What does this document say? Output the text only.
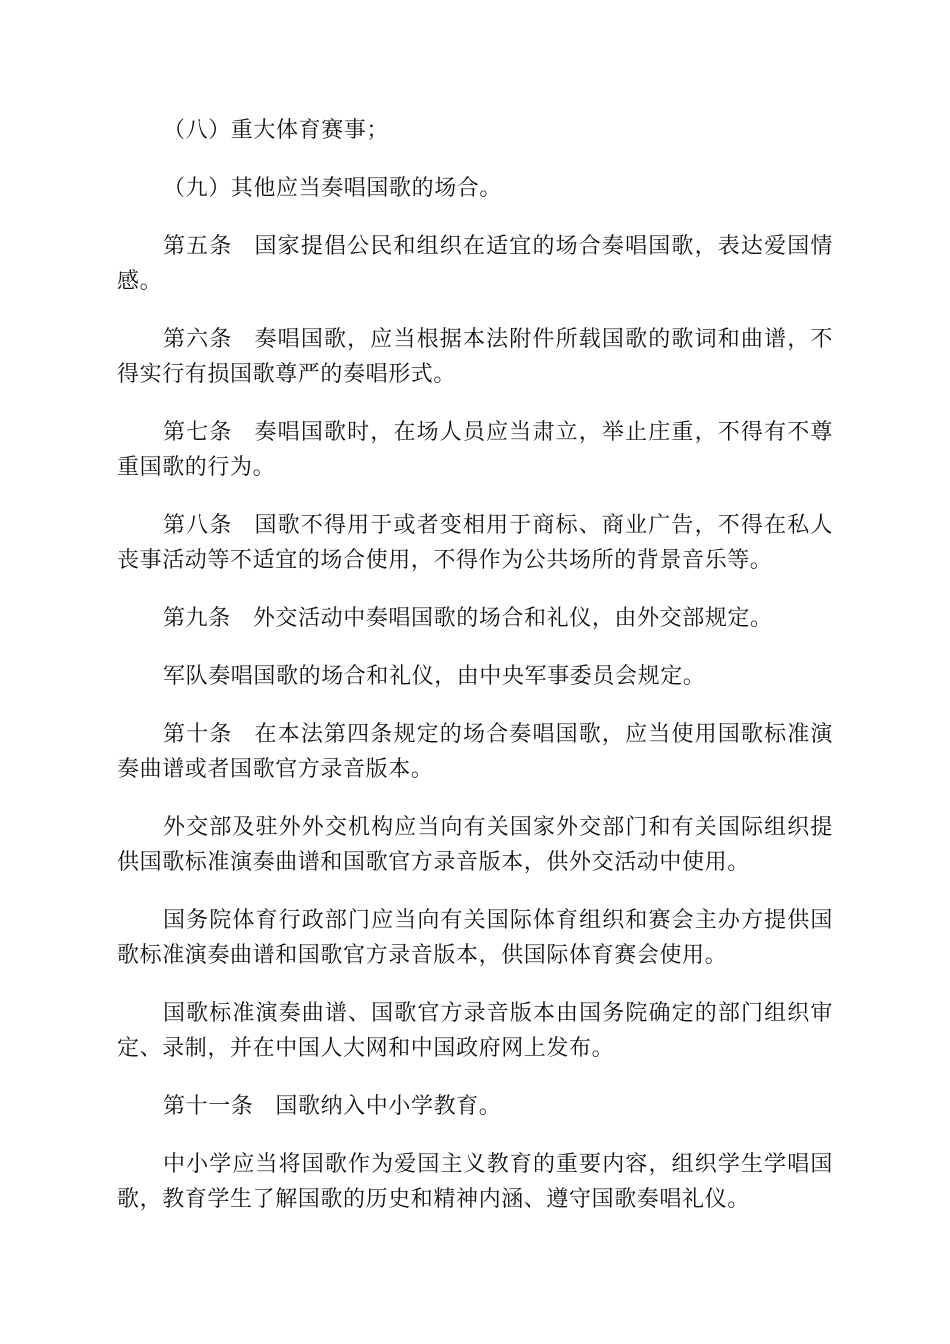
（八）重大体育赛事；

（九）其他应当奏唱国歌的场合。

第五条 国家提倡公民和组织在适宜的场合奏唱国歌，表达爱国情感。

第六条 奏唱国歌，应当根据本法附件所载国歌的歌词和曲谱，不得实行有损国歌尊严的奏唱形式。

第七条 奏唱国歌时，在场人员应当肃立，举止庄重，不得有不尊重国歌的行为。

第八条 国歌不得用于或者变相用于商标、商业广告，不得在私人丧事活动等不适宜的场合使用，不得作为公共场所的背景音乐等。

第九条 外交活动中奏唱国歌的场合和礼仪，由外交部规定。

军队奏唱国歌的场合和礼仪，由中央军事委员会规定。

第十条 在本法第四条规定的场合奏唱国歌，应当使用国歌标准演奏曲谱或者国歌官方录音版本。

外交部及驻外外交机构应当向有关国家外交部门和有关国际组织提供国歌标准演奏曲谱和国歌官方录音版本，供外交活动中使用。

国务院体育行政部门应当向有关国际体育组织和赛会主办方提供国歌标准演奏曲谱和国歌官方录音版本，供国际体育赛会使用。

国歌标准演奏曲谱、国歌官方录音版本由国务院确定的部门组织审定、录制，并在中国人大网和中国政府网上发布。

第十一条 国歌纳入中小学教育。

中小学应当将国歌作为爱国主义教育的重要内容，组织学生学唱国歌，教育学生了解国歌的历史和精神内涵、遵守国歌奏唱礼仪。
